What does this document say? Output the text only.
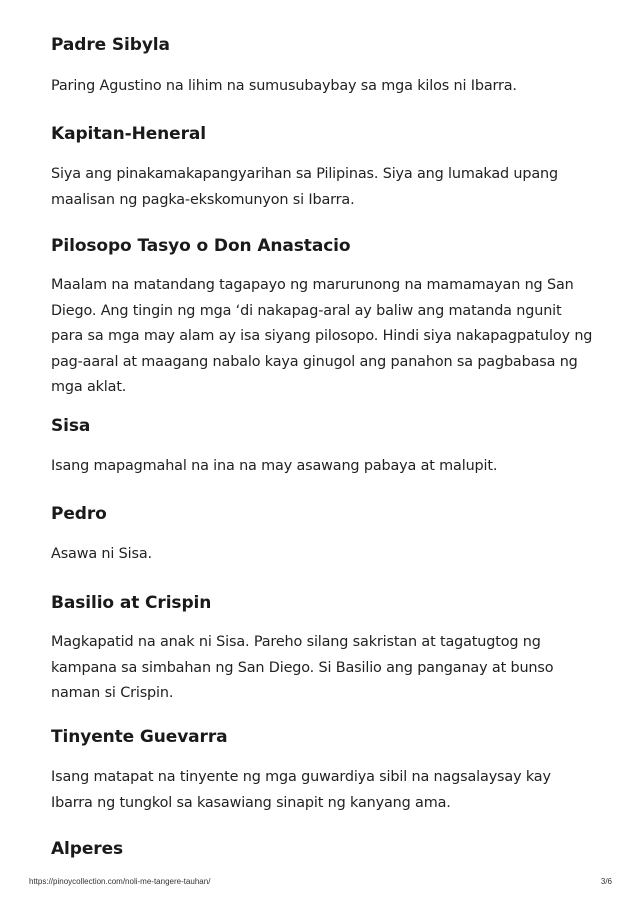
Padre Sibyla

Paring Agustino na lihim na sumusubaybay sa mga kilos ni Ibarra.

Kapitan-Heneral

Siya ang pinakamakapangyarihan sa Pilipinas. Siya ang lumakad upang

maalisan ng pagka-ekskomunyon si Ibarra.

Pilosopo Tasyo o Don Anastacio

Maalam na matandang tagapayo ng marurunong na mamamayan ng San

Diego. Ang tingin ng mga ‘di nakapag-aral ay baliw ang matanda ngunit

para sa mga may alam ay isa siyang pilosopo. Hindi siya nakapagpatuloy ng

pag-aaral at maagang nabalo kaya ginugol ang panahon sa pagbabasa ng

mga aklat.

Sisa

Isang mapagmahal na ina na may asawang pabaya at malupit.

Pedro

Asawa ni Sisa.

Basilio at Crispin

Magkapatid na anak ni Sisa. Pareho silang sakristan at tagatugtog ng

kampana sa simbahan ng San Diego. Si Basilio ang panganay at bunso

naman si Crispin.

Tinyente Guevarra

Isang matapat na tinyente ng mga guwardiya sibil na nagsalaysay kay

Ibarra ng tungkol sa kasawiang sinapit ng kanyang ama.

Alperes
https://pinoycollection.com/noli-me-tangere-tauhan/	3/6
